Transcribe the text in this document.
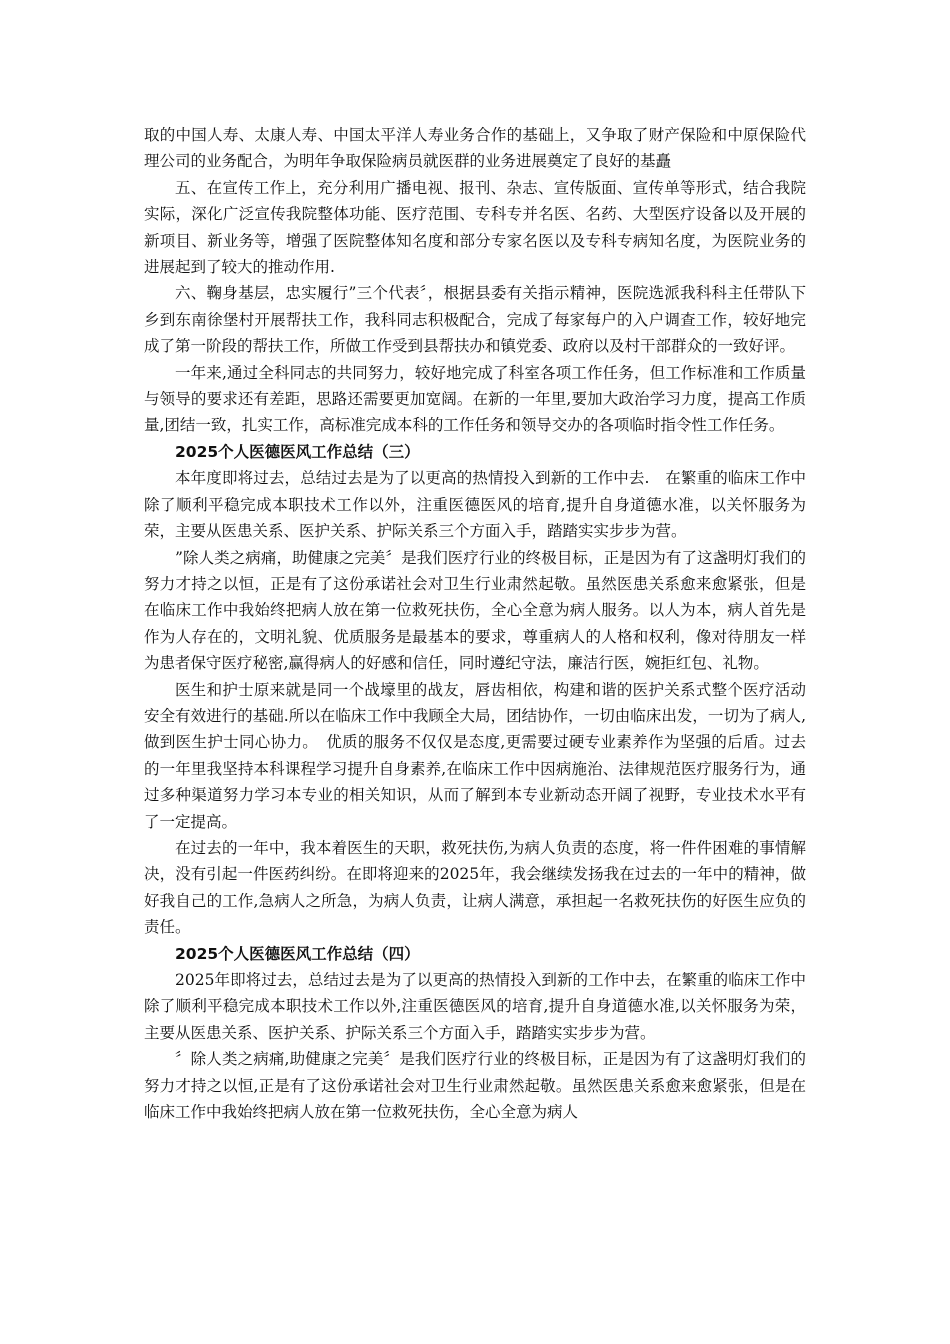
取的中国人寿、太康人寿、中国太平洋人寿业务合作的基础上，又争取了财产保险和中原保险代理公司的业务配合，为明年争取保险病员就医群的业务进展奠定了良好的基矗

五、在宣传工作上，充分利用广播电视、报刊、杂志、宣传版面、宣传单等形式，结合我院实际，深化广泛宣传我院整体功能、医疗范围、专科专并名医、名药、大型医疗设备以及开展的新项目、新业务等，增强了医院整体知名度和部分专家名医以及专科专病知名度，为医院业务的进展起到了较大的推动作用.

六、鞠身基层，忠实履行”三个代表〞，根据县委有关指示精神，医院选派我科科主任带队下乡到东南徐堡村开展帮扶工作，我科同志积极配合，完成了每家每户的入户调查工作，较好地完成了第一阶段的帮扶工作，所做工作受到县帮扶办和镇党委、政府以及村干部群众的一致好评。

一年来,通过全科同志的共同努力，较好地完成了科室各项工作任务，但工作标准和工作质量与领导的要求还有差距，思路还需要更加宽阔。在新的一年里,要加大政治学习力度，提高工作质量,团结一致，扎实工作，高标准完成本科的工作任务和领导交办的各项临时指令性工作任务。

2025个人医德医风工作总结（三）

本年度即将过去，总结过去是为了以更高的热情投入到新的工作中去.　在繁重的临床工作中除了顺利平稳完成本职技术工作以外，注重医德医风的培育,提升自身道德水准，以关怀服务为荣，主要从医患关系、医护关系、护际关系三个方面入手，踏踏实实步步为营。

”除人类之病痛，助健康之完美〞是我们医疗行业的终极目标，正是因为有了这盏明灯我们的努力才持之以恒，正是有了这份承诺社会对卫生行业肃然起敬。虽然医患关系愈来愈紧张，但是在临床工作中我始终把病人放在第一位救死扶伤，全心全意为病人服务。以人为本，病人首先是作为人存在的，文明礼貌、优质服务是最基本的要求，尊重病人的人格和权利，像对待朋友一样为患者保守医疗秘密,赢得病人的好感和信任，同时遵纪守法，廉洁行医，婉拒红包、礼物。

医生和护士原来就是同一个战壕里的战友，唇齿相依，构建和谐的医护关系式整个医疗活动安全有效进行的基础.所以在临床工作中我顾全大局，团结协作，一切由临床出发，一切为了病人,做到医生护士同心协力。　优质的服务不仅仅是态度,更需要过硬专业素养作为坚强的后盾。过去的一年里我坚持本科课程学习提升自身素养,在临床工作中因病施治、法律规范医疗服务行为，通过多种渠道努力学习本专业的相关知识，从而了解到本专业新动态开阔了视野，专业技术水平有了一定提高。

在过去的一年中，我本着医生的天职，救死扶伤,为病人负责的态度，将一件件困难的事情解决，没有引起一件医药纠纷。在即将迎来的2025年，我会继续发扬我在过去的一年中的精神，做好我自己的工作,急病人之所急，为病人负责，让病人满意，承担起一名救死扶伤的好医生应负的责任。

2025个人医德医风工作总结（四）

2025年即将过去，总结过去是为了以更高的热情投入到新的工作中去，在繁重的临床工作中除了顺利平稳完成本职技术工作以外,注重医德医风的培育,提升自身道德水准,以关怀服务为荣，主要从医患关系、医护关系、护际关系三个方面入手，踏踏实实步步为营。

〞除人类之病痛,助健康之完美〞是我们医疗行业的终极目标，正是因为有了这盏明灯我们的努力才持之以恒,正是有了这份承诺社会对卫生行业肃然起敬。虽然医患关系愈来愈紧张，但是在临床工作中我始终把病人放在第一位救死扶伤，全心全意为病人
